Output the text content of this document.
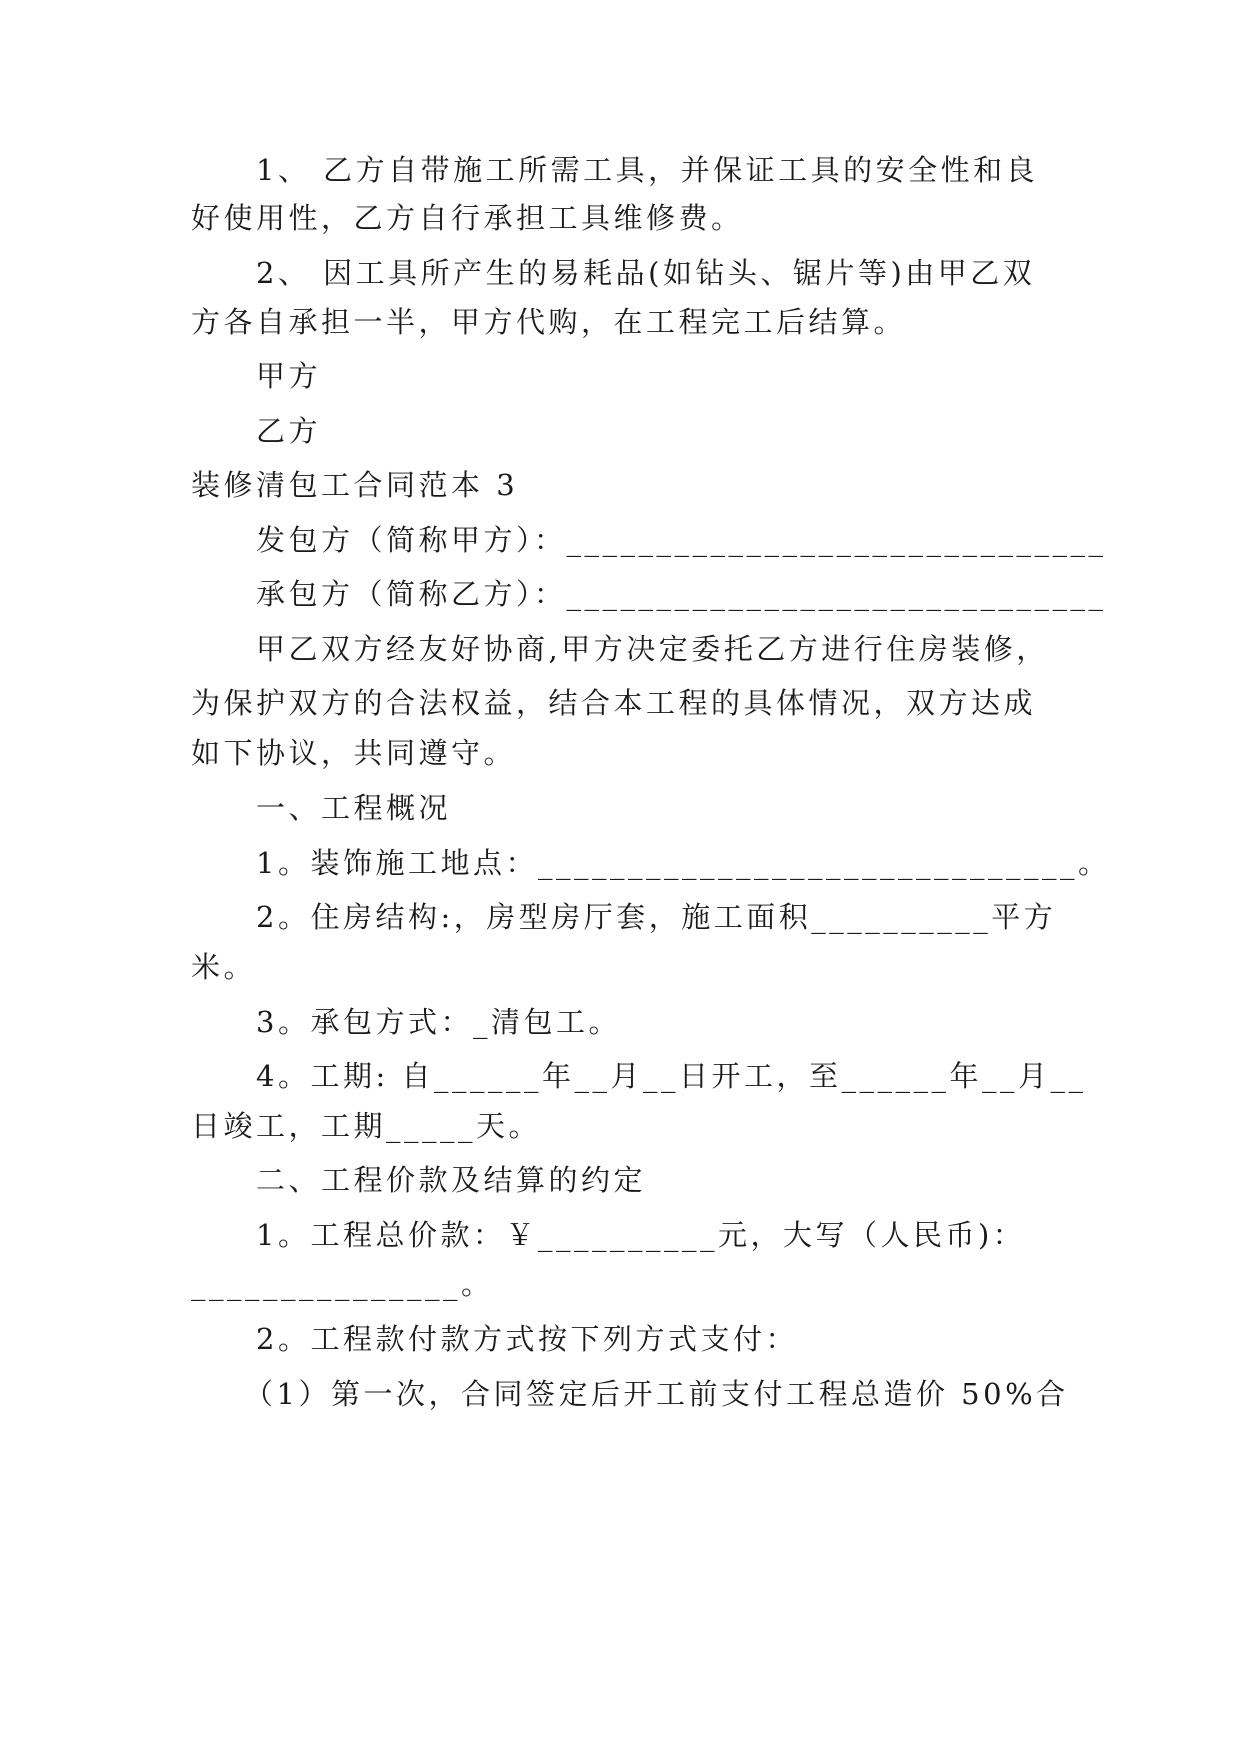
1、 乙方自带施工所需工具，并保证工具的安全性和良
好使用性，乙方自行承担工具维修费。
2、 因工具所产生的易耗品(如钻头、锯片等)由甲乙双
方各自承担一半，甲方代购，在工程完工后结算。
甲方
乙方
装修清包工合同范本 3
发包方（简称甲方）：______________________________
承包方（简称乙方）：______________________________
甲乙双方经友好协商,甲方决定委托乙方进行住房装修，
为保护双方的合法权益，结合本工程的具体情况，双方达成
如下协议，共同遵守。
一、工程概况
1。装饰施工地点：______________________________。
2。住房结构:，房型房厅套，施工面积__________平方
米。
3。承包方式：_清包工。
4。工期: 自______年__月__日开工，至______年__月__
日竣工，工期_____天。
二、工程价款及结算的约定
1。工程总价款：￥__________元，大写（人民币)：
_______________。
2。工程款付款方式按下列方式支付：
（1）第一次，合同签定后开工前支付工程总造价 50%合
